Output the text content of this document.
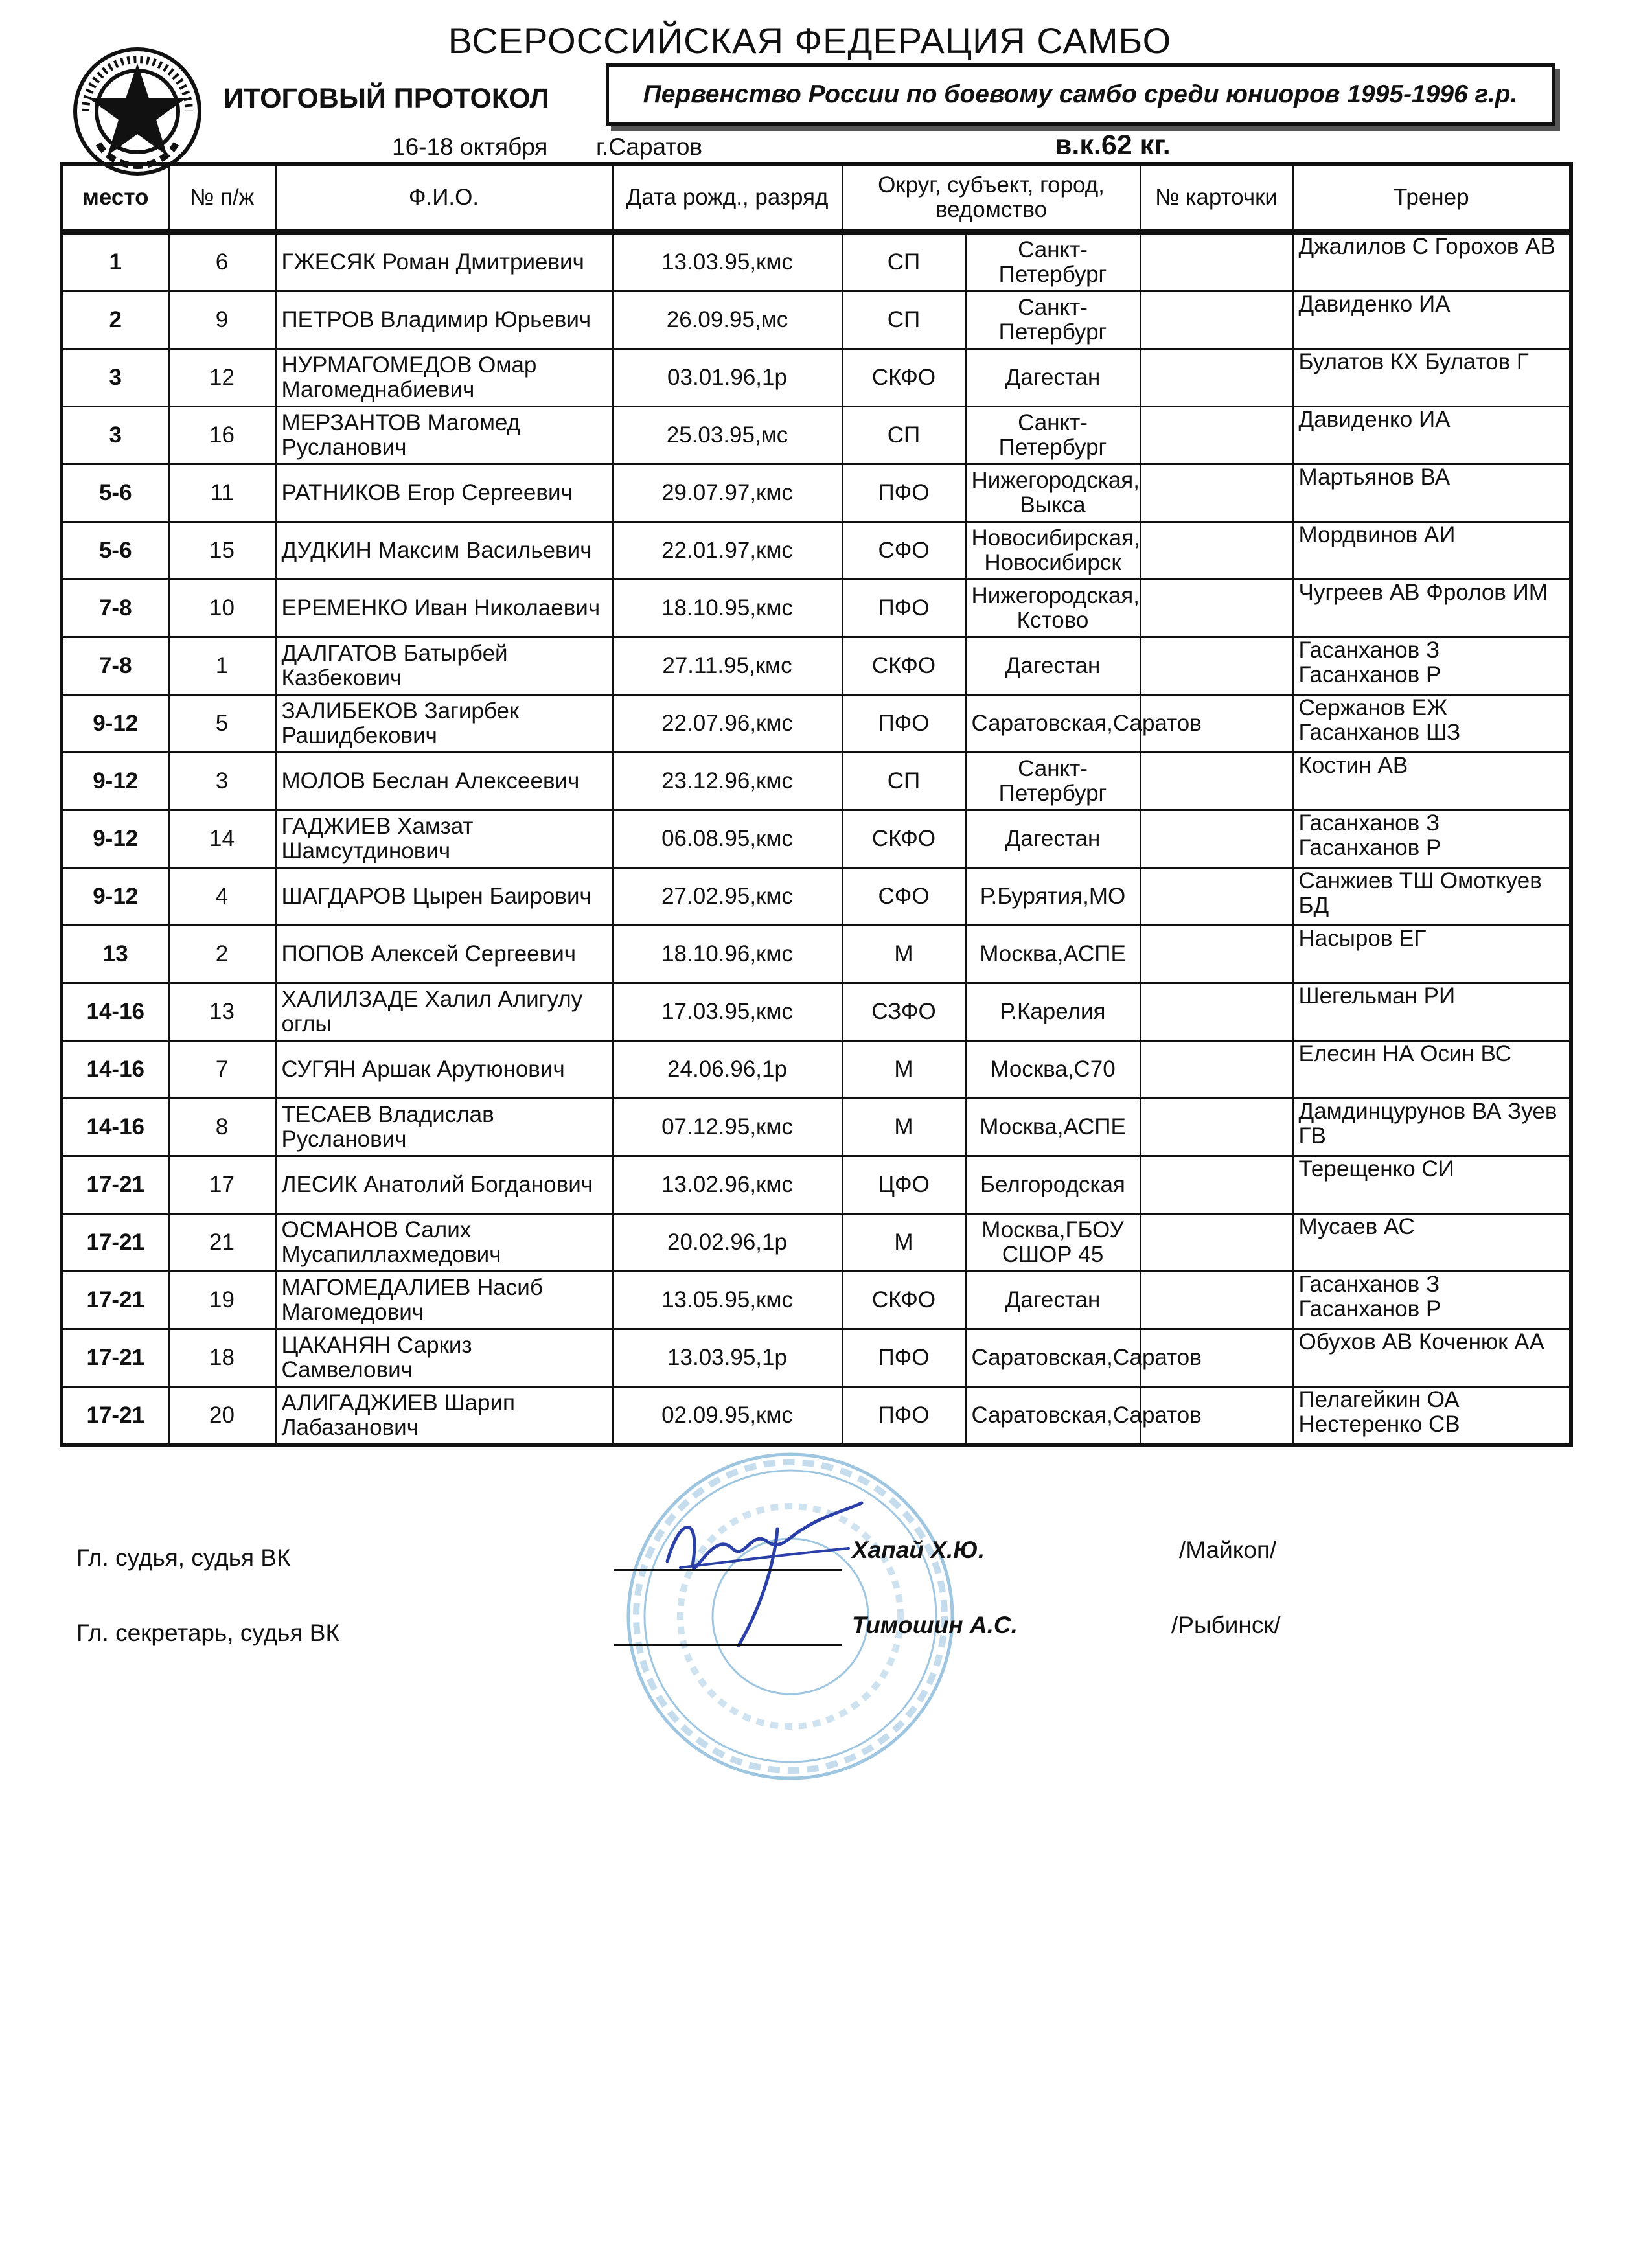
ВСЕРОССИЙСКАЯ ФЕДЕРАЦИЯ САМБО
ИТОГОВЫЙ ПРОТОКОЛ	Первенство России по боевому самбо среди юниоров 1995-1996 г.р.
16-18 октября г.Саратов	в.к.62 кг.
место	№ п/ж	Ф.И.О.	Дата рожд., разряд	Округ, субъект, город, ведомство		№ карточки	Тренер
1	6	ГЖЕСЯК Роман Дмитриевич	13.03.95,кмс	СП	Санкт-Петербург		Джалилов С Горохов АВ
2	9	ПЕТРОВ Владимир Юрьевич	26.09.95,мс	СП	Санкт-Петербург		Давиденко ИА
3	12	НУРМАГОМЕДОВ Омар Магомеднабиевич	03.01.96,1р	СКФО	Дагестан		Булатов КХ Булатов Г
3	16	МЕРЗАНТОВ Магомед Русланович	25.03.95,мс	СП	Санкт-Петербург		Давиденко ИА
5-6	11	РАТНИКОВ Егор Сергеевич	29.07.97,кмс	ПФО	Нижегородская, Выкса		Мартьянов ВА
5-6	15	ДУДКИН Максим Васильевич	22.01.97,кмс	СФО	Новосибирская, Новосибирск		Мордвинов АИ
7-8	10	ЕРЕМЕНКО Иван Николаевич	18.10.95,кмс	ПФО	Нижегородская, Кстово		Чугреев АВ Фролов ИМ
7-8	1	ДАЛГАТОВ Батырбей Казбекович	27.11.95,кмс	СКФО	Дагестан		Гасанханов З Гасанханов Р
9-12	5	ЗАЛИБЕКОВ Загирбек Рашидбекович	22.07.96,кмс	ПФО	Саратовская,Саратов		Сержанов ЕЖ Гасанханов ШЗ
9-12	3	МОЛОВ Беслан Алексеевич	23.12.96,кмс	СП	Санкт-Петербург		Костин АВ
9-12	14	ГАДЖИЕВ Хамзат Шамсутдинович	06.08.95,кмс	СКФО	Дагестан		Гасанханов З Гасанханов Р
9-12	4	ШАГДАРОВ Цырен Баирович	27.02.95,кмс	СФО	Р.Бурятия,МО		Санжиев ТШ Омоткуев БД
13	2	ПОПОВ Алексей Сергеевич	18.10.96,кмс	М	Москва,АСПЕ		Насыров ЕГ
14-16	13	ХАЛИЛЗАДЕ Халил Алигулу оглы	17.03.95,кмс	СЗФО	Р.Карелия		Шегельман РИ
14-16	7	СУГЯН Аршак Арутюнович	24.06.96,1р	М	Москва,С70		Елесин НА Осин ВС
14-16	8	ТЕСАЕВ Владислав Русланович	07.12.95,кмс	М	Москва,АСПЕ		Дамдинцурунов ВА Зуев ГВ
17-21	17	ЛЕСИК Анатолий Богданович	13.02.96,кмс	ЦФО	Белгородская		Терещенко СИ
17-21	21	ОСМАНОВ Салих Мусапиллахмедович	20.02.96,1р	М	Москва,ГБОУ СШОР 45		Мусаев АС
17-21	19	МАГОМЕДАЛИЕВ Насиб Магомедович	13.05.95,кмс	СКФО	Дагестан		Гасанханов З Гасанханов Р
17-21	18	ЦАКАНЯН Саркиз Самвелович	13.03.95,1р	ПФО	Саратовская,Саратов		Обухов АВ Коченюк АА
17-21	20	АЛИГАДЖИЕВ Шарип Лабазанович	02.09.95,кмс	ПФО	Саратовская,Саратов		Пелагейкин ОА Нестеренко СВ
Гл. судья, судья ВК	Хапай Х.Ю.	/Майкоп/
Гл. секретарь, судья ВК	Тимошин А.С.	/Рыбинск/
